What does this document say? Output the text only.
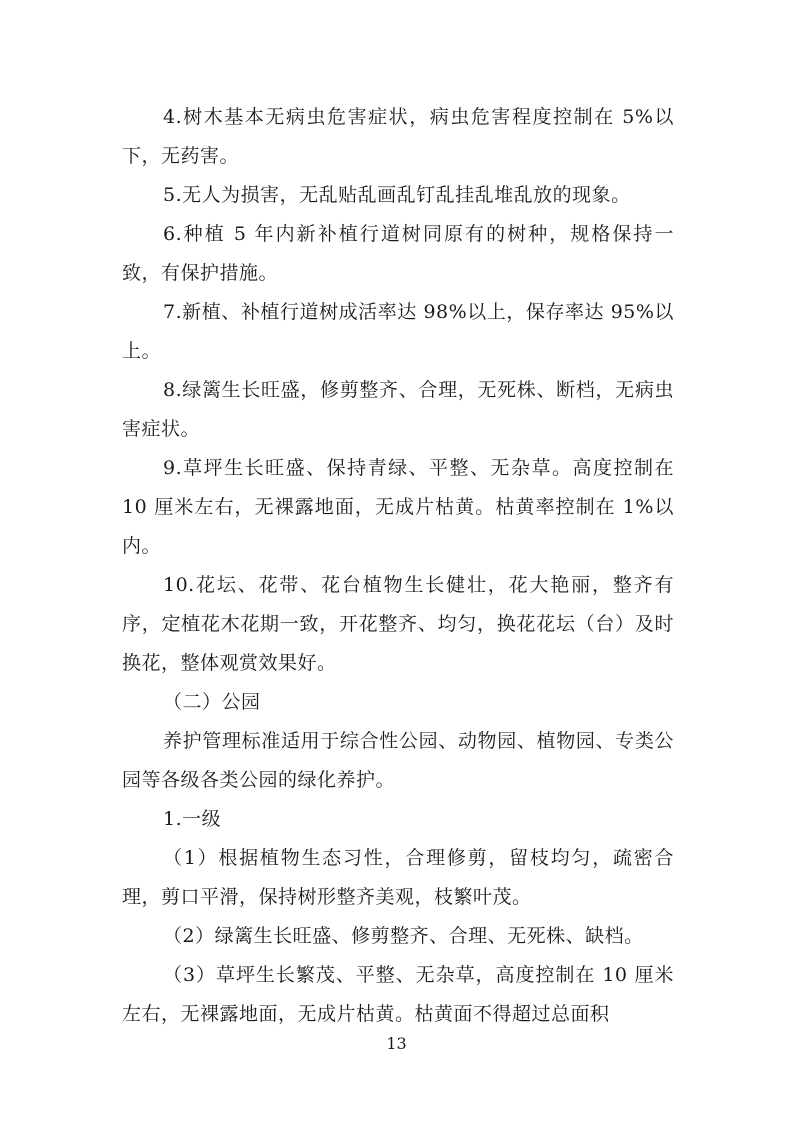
4.树木基本无病虫危害症状，病虫危害程度控制在 5%以下，无药害。

5.无人为损害，无乱贴乱画乱钉乱挂乱堆乱放的现象。

6.种植 5 年内新补植行道树同原有的树种，规格保持一致，有保护措施。

7.新植、补植行道树成活率达 98%以上，保存率达 95%以上。

8.绿篱生长旺盛，修剪整齐、合理，无死株、断档，无病虫害症状。

9.草坪生长旺盛、保持青绿、平整、无杂草。高度控制在 10 厘米左右，无裸露地面，无成片枯黄。枯黄率控制在 1%以内。

10.花坛、花带、花台植物生长健壮，花大艳丽，整齐有序，定植花木花期一致，开花整齐、均匀，换花花坛（台）及时换花，整体观赏效果好。

（二）公园

养护管理标准适用于综合性公园、动物园、植物园、专类公园等各级各类公园的绿化养护。

1.一级

（1）根据植物生态习性，合理修剪，留枝均匀，疏密合理，剪口平滑，保持树形整齐美观，枝繁叶茂。

（2）绿篱生长旺盛、修剪整齐、合理、无死株、缺档。

（3）草坪生长繁茂、平整、无杂草，高度控制在 10 厘米左右，无裸露地面，无成片枯黄。枯黄面不得超过总面积

13
